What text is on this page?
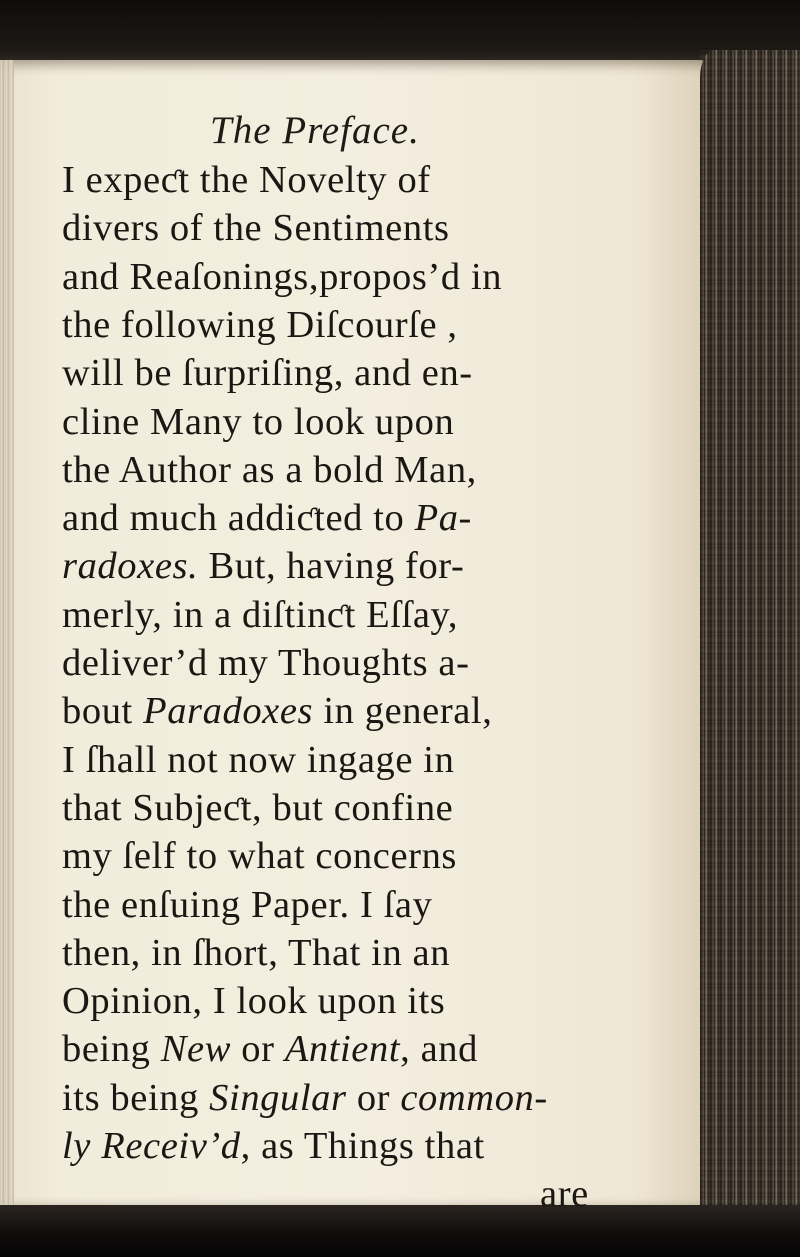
The Preface.
I expeƈt the Novelty of
divers of the Sentiments
and Reaſonings,propos’d in
the following Diſcourſe ,
will be ſurpriſing, and en-
cline Many to look upon
the Author as a bold Man,
and much addiƈted to Pa-
radoxes. But, having for-
merly, in a diſtinƈt Eſſay,
deliver’d my Thoughts a-
bout Paradoxes in general,
I ſhall not now ingage in
that Subjeƈt, but confine
my ſelf to what concerns
the enſuing Paper. I ſay
then, in ſhort, That in an
Opinion, I look upon its
being New or Antient, and
its being Singular or common-
ly Receiv’d, as Things that
are
